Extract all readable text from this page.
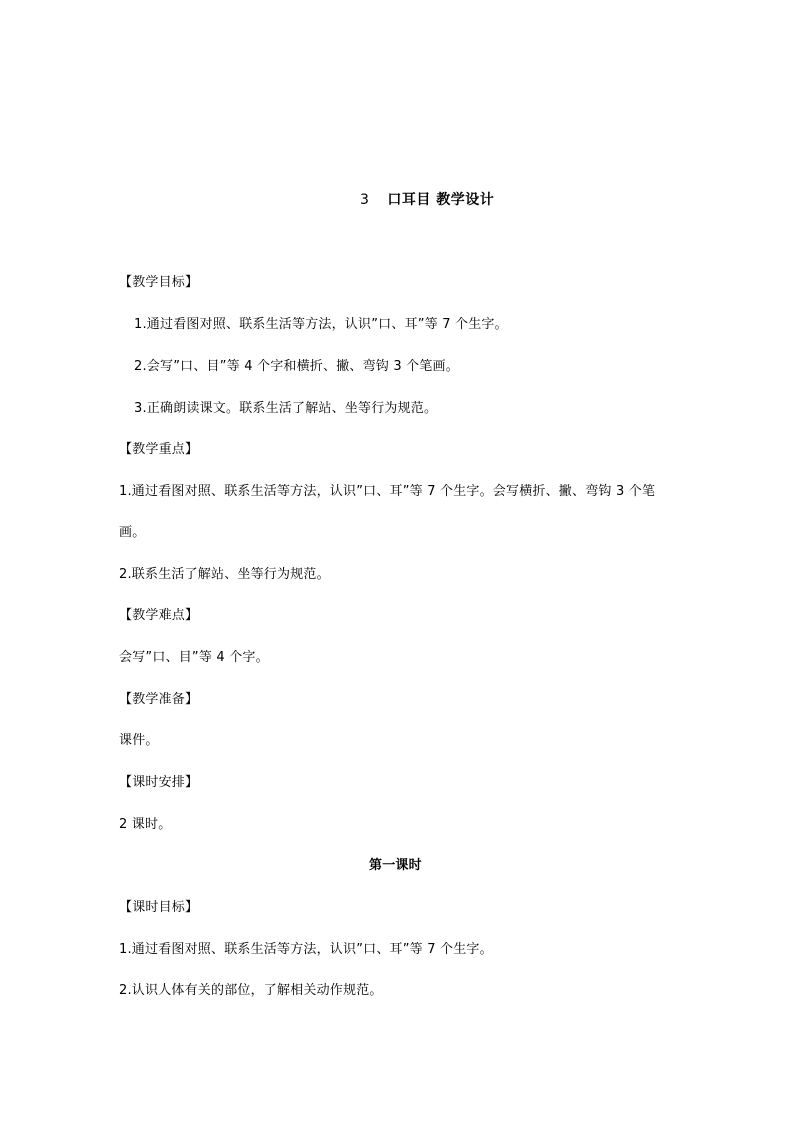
3 口耳目 教学设计
【教学目标】
1.通过看图对照、联系生活等方法，认识”口、耳”等 7 个生字。
2.会写”口、目”等 4 个字和横折、撇、弯钩 3 个笔画。
3.正确朗读课文。联系生活了解站、坐等行为规范。
【教学重点】
1.通过看图对照、联系生活等方法，认识”口、耳”等 7 个生字。会写横折、撇、弯钩 3 个笔
画。
2.联系生活了解站、坐等行为规范。
【教学难点】
会写”口、目”等 4 个字。
【教学准备】
课件。
【课时安排】
2 课时。
第一课时
【课时目标】
1.通过看图对照、联系生活等方法，认识”口、耳”等 7 个生字。
2.认识人体有关的部位，了解相关动作规范。
